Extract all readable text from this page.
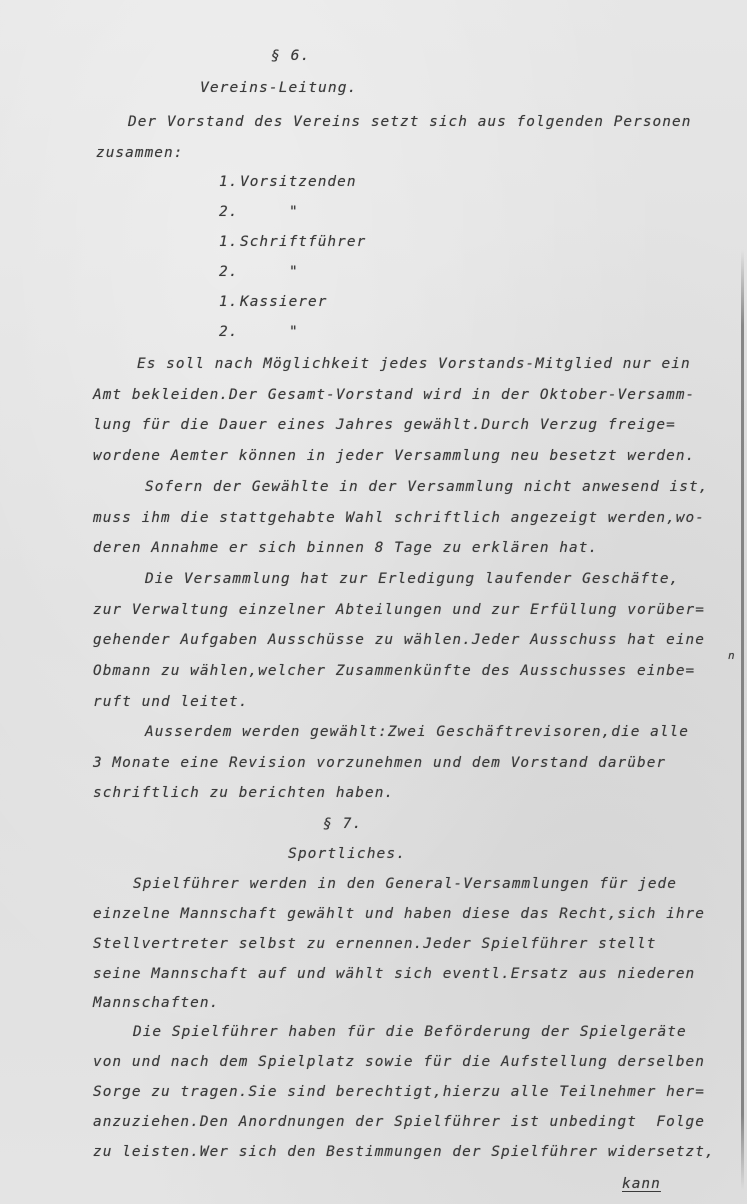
§ 6.
Vereins-Leitung.
Der Vorstand des Vereins setzt sich aus folgenden Personen
zusammen:
1. Vorsitzenden
2.	"
1. Schriftführer
2.	"
1. Kassierer
2.	"
Es soll nach Möglichkeit jedes Vorstands-Mitglied nur ein
Amt bekleiden.Der Gesamt-Vorstand wird in der Oktober-Versamm-
lung für die Dauer eines Jahres gewählt.Durch Verzug freige=
wordene Aemter können in jeder Versammlung neu besetzt werden.
Sofern der Gewählte in der Versammlung nicht anwesend ist,
muss ihm die stattgehabte Wahl schriftlich angezeigt werden,wo-
deren Annahme er sich binnen 8 Tage zu erklären hat.
Die Versammlung hat zur Erledigung laufender Geschäfte,
zur Verwaltung einzelner Abteilungen und zur Erfüllung vorüber=
gehender Aufgaben Ausschüsse zu wählen.Jeder Ausschuss hat eine
n
Obmann zu wählen,welcher Zusammenkünfte des Ausschusses einbe=
ruft und leitet.
Ausserdem werden gewählt:Zwei Geschäftrevisoren,die alle
3 Monate eine Revision vorzunehmen und dem Vorstand darüber
schriftlich zu berichten haben.
§ 7.
Sportliches.
Spielführer werden in den General-Versammlungen für jede
einzelne Mannschaft gewählt und haben diese das Recht,sich ihre
Stellvertreter selbst zu ernennen.Jeder Spielführer stellt
seine Mannschaft auf und wählt sich eventl.Ersatz aus niederen
Mannschaften.
Die Spielführer haben für die Beförderung der Spielgeräte
von und nach dem Spielplatz sowie für die Aufstellung derselben
Sorge zu tragen.Sie sind berechtigt,hierzu alle Teilnehmer her=
anzuziehen.Den Anordnungen der Spielführer ist unbedingt  Folge
zu leisten.Wer sich den Bestimmungen der Spielführer widersetzt,
kann
